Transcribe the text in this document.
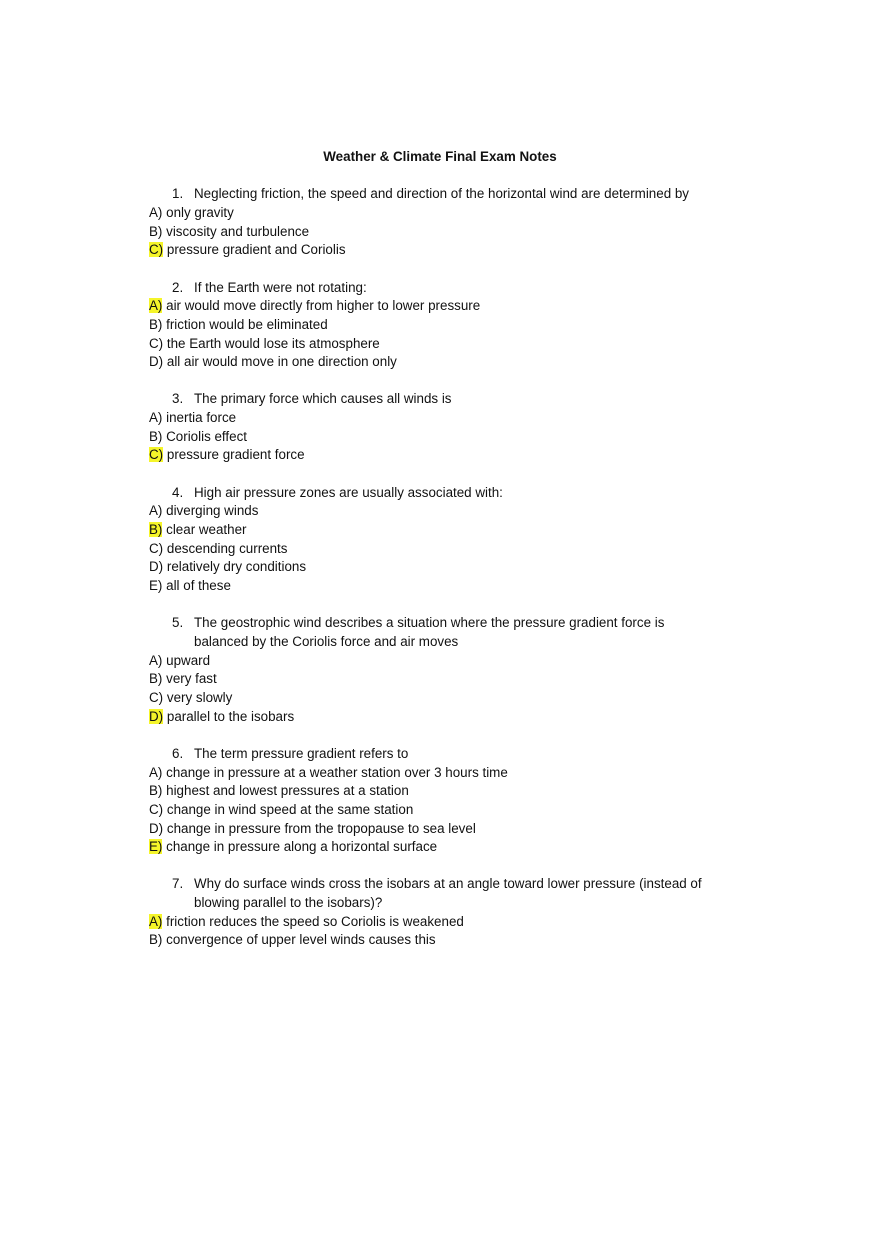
Weather & Climate Final Exam Notes
1. Neglecting friction, the speed and direction of the horizontal wind are determined by
A) only gravity
B) viscosity and turbulence
C) pressure gradient and Coriolis
2. If the Earth were not rotating:
A) air would move directly from higher to lower pressure
B) friction would be eliminated
C) the Earth would lose its atmosphere
D) all air would move in one direction only
3. The primary force which causes all winds is
A) inertia force
B) Coriolis effect
C) pressure gradient force
4. High air pressure zones are usually associated with:
A) diverging winds
B) clear weather
C) descending currents
D) relatively dry conditions
E) all of these
5. The geostrophic wind describes a situation where the pressure gradient force is balanced by the Coriolis force and air moves
A) upward
B) very fast
C) very slowly
D) parallel to the isobars
6. The term pressure gradient refers to
A) change in pressure at a weather station over 3 hours time
B) highest and lowest pressures at a station
C) change in wind speed at the same station
D) change in pressure from the tropopause to sea level
E) change in pressure along a horizontal surface
7. Why do surface winds cross the isobars at an angle toward lower pressure (instead of blowing parallel to the isobars)?
A) friction reduces the speed so Coriolis is weakened
B) convergence of upper level winds causes this
